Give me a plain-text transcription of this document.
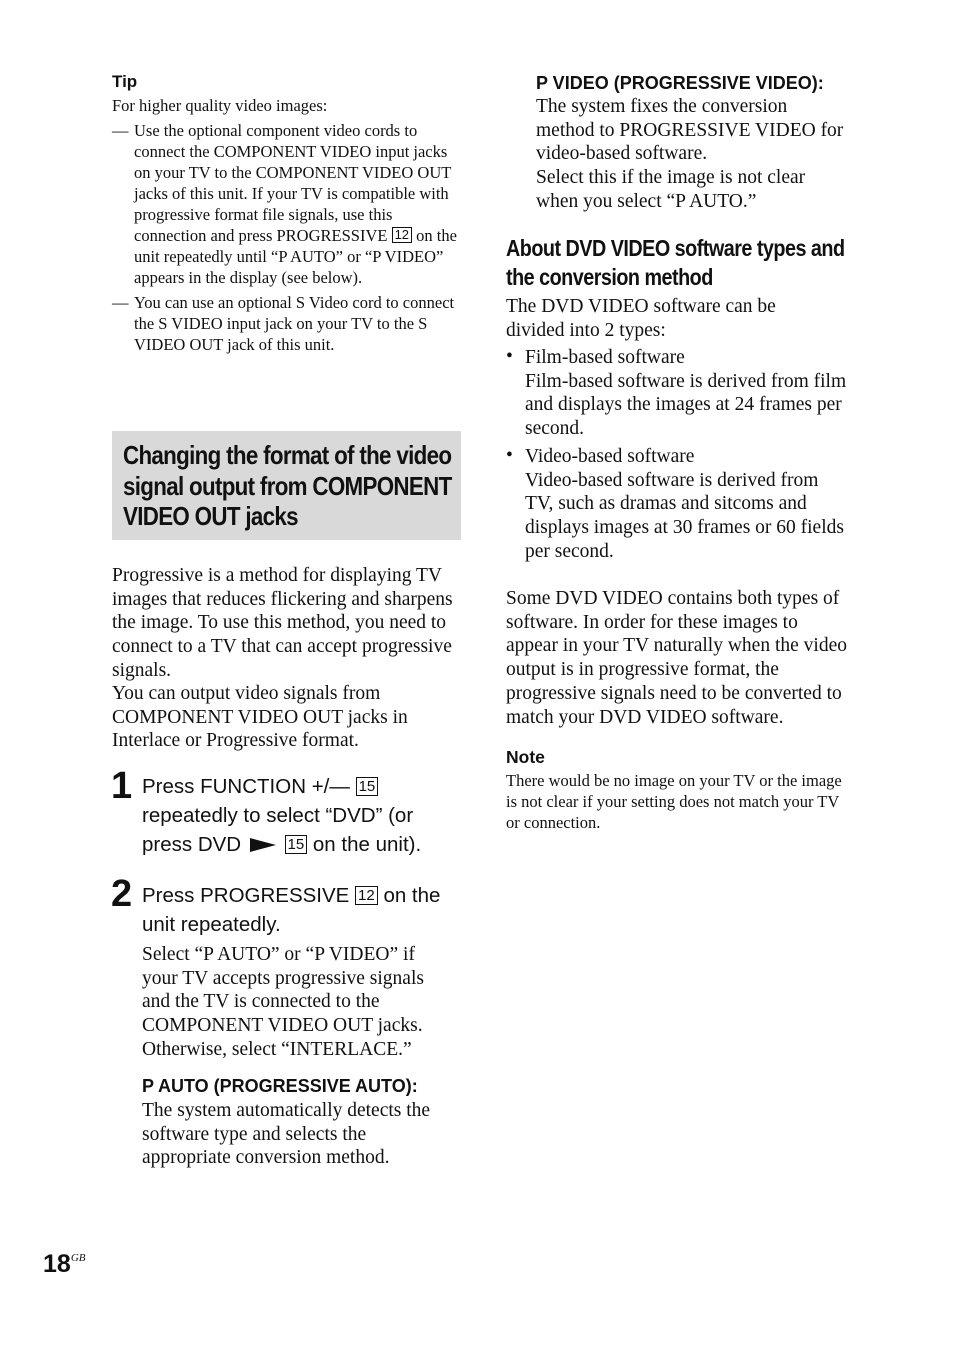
Tip
For higher quality video images:
— Use the optional component video cords to connect the COMPONENT VIDEO input jacks on your TV to the COMPONENT VIDEO OUT jacks of this unit. If your TV is compatible with progressive format file signals, use this connection and press PROGRESSIVE 12 on the unit repeatedly until “P AUTO” or “P VIDEO” appears in the display (see below).
— You can use an optional S Video cord to connect the S VIDEO input jack on your TV to the S VIDEO OUT jack of this unit.
Changing the format of the video signal output from COMPONENT VIDEO OUT jacks
Progressive is a method for displaying TV images that reduces flickering and sharpens the image. To use this method, you need to connect to a TV that can accept progressive signals.
You can output video signals from COMPONENT VIDEO OUT jacks in Interlace or Progressive format.
1 Press FUNCTION +/— 15 repeatedly to select “DVD” (or press DVD	15 on the unit).
2 Press PROGRESSIVE 12 on the unit repeatedly.
Select “P AUTO” or “P VIDEO” if your TV accepts progressive signals and the TV is connected to the COMPONENT VIDEO OUT jacks. Otherwise, select “INTERLACE.”
P AUTO (PROGRESSIVE AUTO):
The system automatically detects the software type and selects the appropriate conversion method.
P VIDEO (PROGRESSIVE VIDEO):
The system fixes the conversion method to PROGRESSIVE VIDEO for video-based software.
Select this if the image is not clear when you select “P AUTO.”
About DVD VIDEO software types and the conversion method
The DVD VIDEO software can be divided into 2 types:
• Film-based software
Film-based software is derived from film and displays the images at 24 frames per second.
• Video-based software
Video-based software is derived from TV, such as dramas and sitcoms and displays images at 30 frames or 60 fields per second.
Some DVD VIDEO contains both types of software. In order for these images to appear in your TV naturally when the video output is in progressive format, the progressive signals need to be converted to match your DVD VIDEO software.
Note
There would be no image on your TV or the image is not clear if your setting does not match your TV or connection.
$18^{GB}$
